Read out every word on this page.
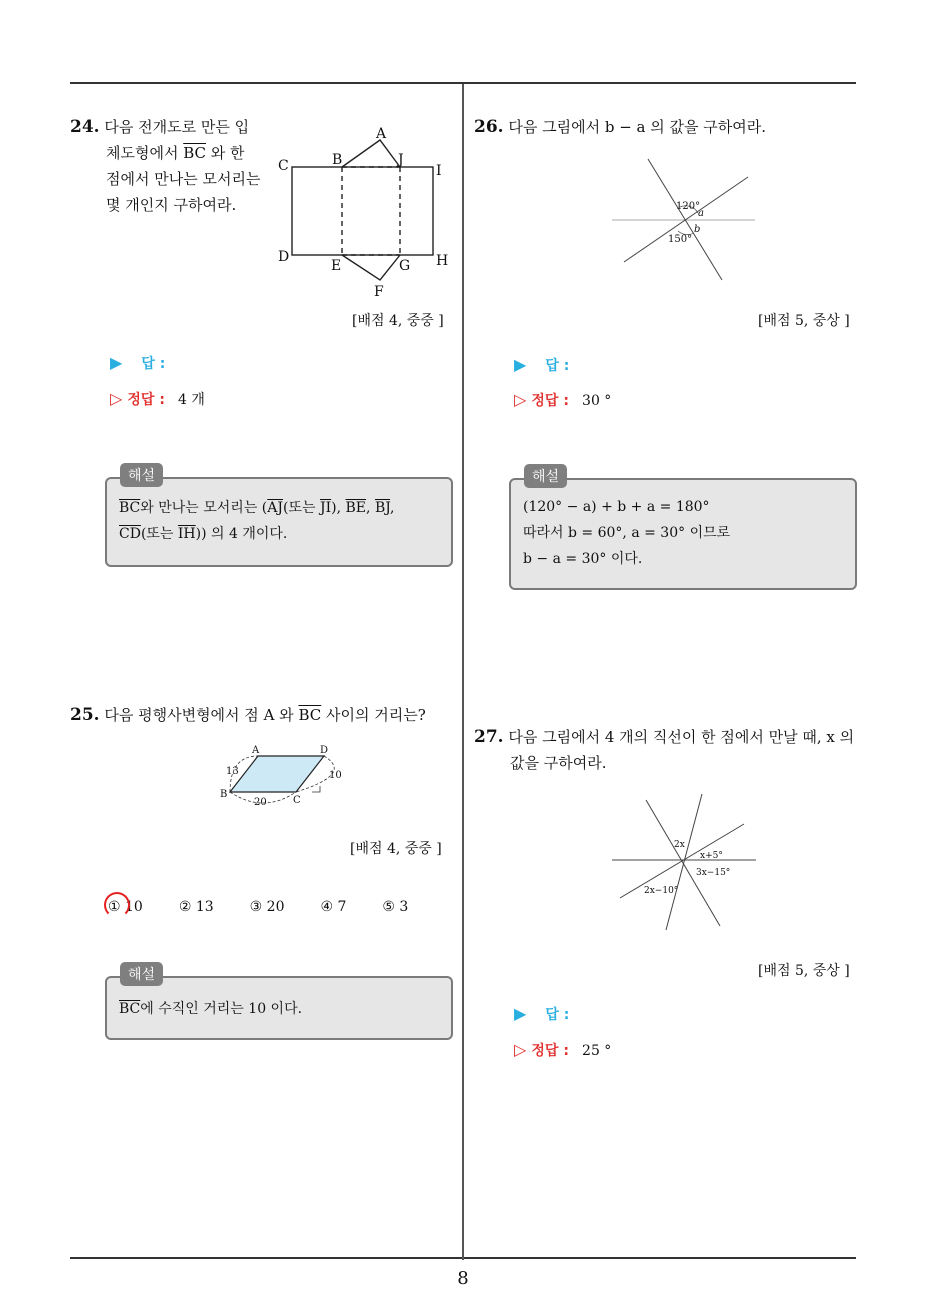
24. 다음 전개도로 만든 입
체도형에서 $\overline{BC}$ 와 한
점에서 만나는 모서리는
몇 개인지 구하여라.
A
B	J
C	I
D
E	G H
F
[배점 4, 중중 ]
▶ 답 :
▷ 정답 : 4 개
$\overline{BC}$와 만나는 모서리는 ($\overline{AJ}$(또는 $\overline{JI}$), $\overline{BE}$, $\overline{BJ}$,
$\overline{CD}$(또는 $\overline{IH}$)) 의 4 개이다.
해설
25. 다음 평행사변형에서 점 A 와 $\overline{BC}$ 사이의 거리는?
A	D
B
C
13	10
20
[배점 4, 중중 ]
① 10	② 13	③ 20	④ 7	⑤ 3
$\overline{BC}$에 수직인 거리는 10 이다.
해설
26. 다음 그림에서 b − a 의 값을 구하여라.
120°
a
b
150°
[배점 5, 중상 ]
▶ 답 :
▷ 정답 : 30 °
(120° − a) + b + a = 180°
따라서 b = 60°, a = 30° 이므로
b − a = 30° 이다.
해설
27. 다음 그림에서 4 개의 직선이 한 점에서 만날 때, x 의
값을 구하여라.
2x
x+5°
3x−15°
2x−10°
[배점 5, 중상 ]
▶ 답 :
▷ 정답 : 25 °
8
